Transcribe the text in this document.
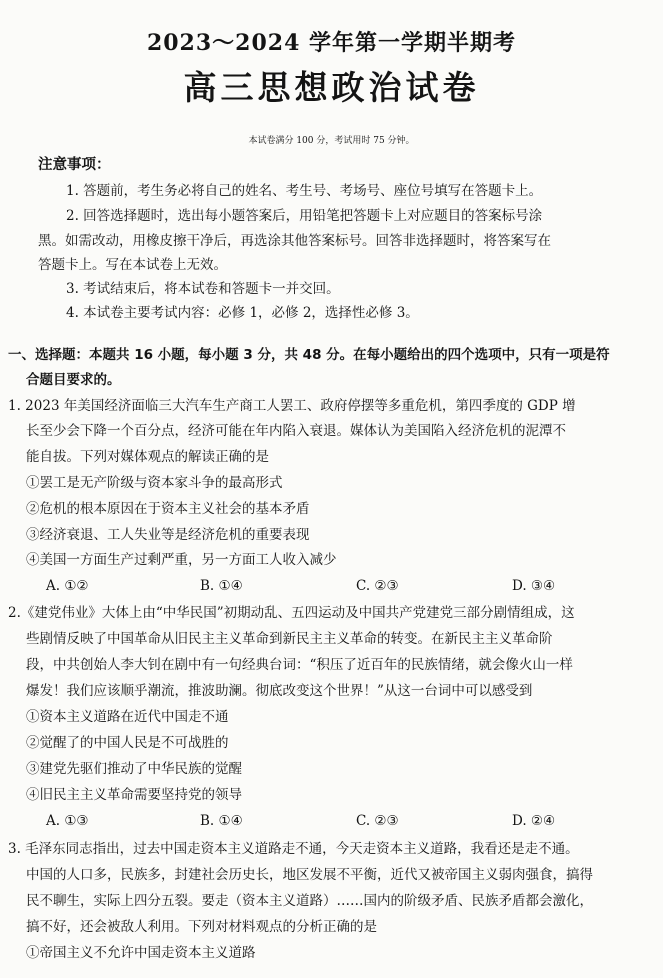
2023～2024 学年第一学期半期考
高三思想政治试卷
本试卷满分 100 分，考试用时 75 分钟。
注意事项：
1. 答题前，考生务必将自己的姓名、考生号、考场号、座位号填写在答题卡上。
2. 回答选择题时，选出每小题答案后，用铅笔把答题卡上对应题目的答案标号涂
黑。如需改动，用橡皮擦干净后，再选涂其他答案标号。回答非选择题时，将答案写在
答题卡上。写在本试卷上无效。
3. 考试结束后，将本试卷和答题卡一并交回。
4. 本试卷主要考试内容：必修 1，必修 2，选择性必修 3。
一、选择题：本题共 16 小题，每小题 3 分，共 48 分。在每小题给出的四个选项中，只有一项是符
合题目要求的。
1. 2023 年美国经济面临三大汽车生产商工人罢工、政府停摆等多重危机，第四季度的 GDP 增
长至少会下降一个百分点，经济可能在年内陷入衰退。媒体认为美国陷入经济危机的泥潭不
能自拔。下列对媒体观点的解读正确的是
①罢工是无产阶级与资本家斗争的最高形式
②危机的根本原因在于资本主义社会的基本矛盾
③经济衰退、工人失业等是经济危机的重要表现
④美国一方面生产过剩严重，另一方面工人收入减少
A. ①②	B. ①④	C. ②③	D. ③④
2.《建党伟业》大体上由“中华民国”初期动乱、五四运动及中国共产党建党三部分剧情组成，这
些剧情反映了中国革命从旧民主主义革命到新民主主义革命的转变。在新民主主义革命阶
段，中共创始人李大钊在剧中有一句经典台词：“积压了近百年的民族情绪，就会像火山一样
爆发！我们应该顺乎潮流，推波助澜。彻底改变这个世界！”从这一台词中可以感受到
①资本主义道路在近代中国走不通
②觉醒了的中国人民是不可战胜的
③建党先驱们推动了中华民族的觉醒
④旧民主主义革命需要坚持党的领导
A. ①③	B. ①④	C. ②③	D. ②④
3. 毛泽东同志指出，过去中国走资本主义道路走不通，今天走资本主义道路，我看还是走不通。
中国的人口多，民族多，封建社会历史长，地区发展不平衡，近代又被帝国主义弱肉强食，搞得
民不聊生，实际上四分五裂。要走（资本主义道路）……国内的阶级矛盾、民族矛盾都会激化，
搞不好，还会被敌人利用。下列对材料观点的分析正确的是
①帝国主义不允许中国走资本主义道路
